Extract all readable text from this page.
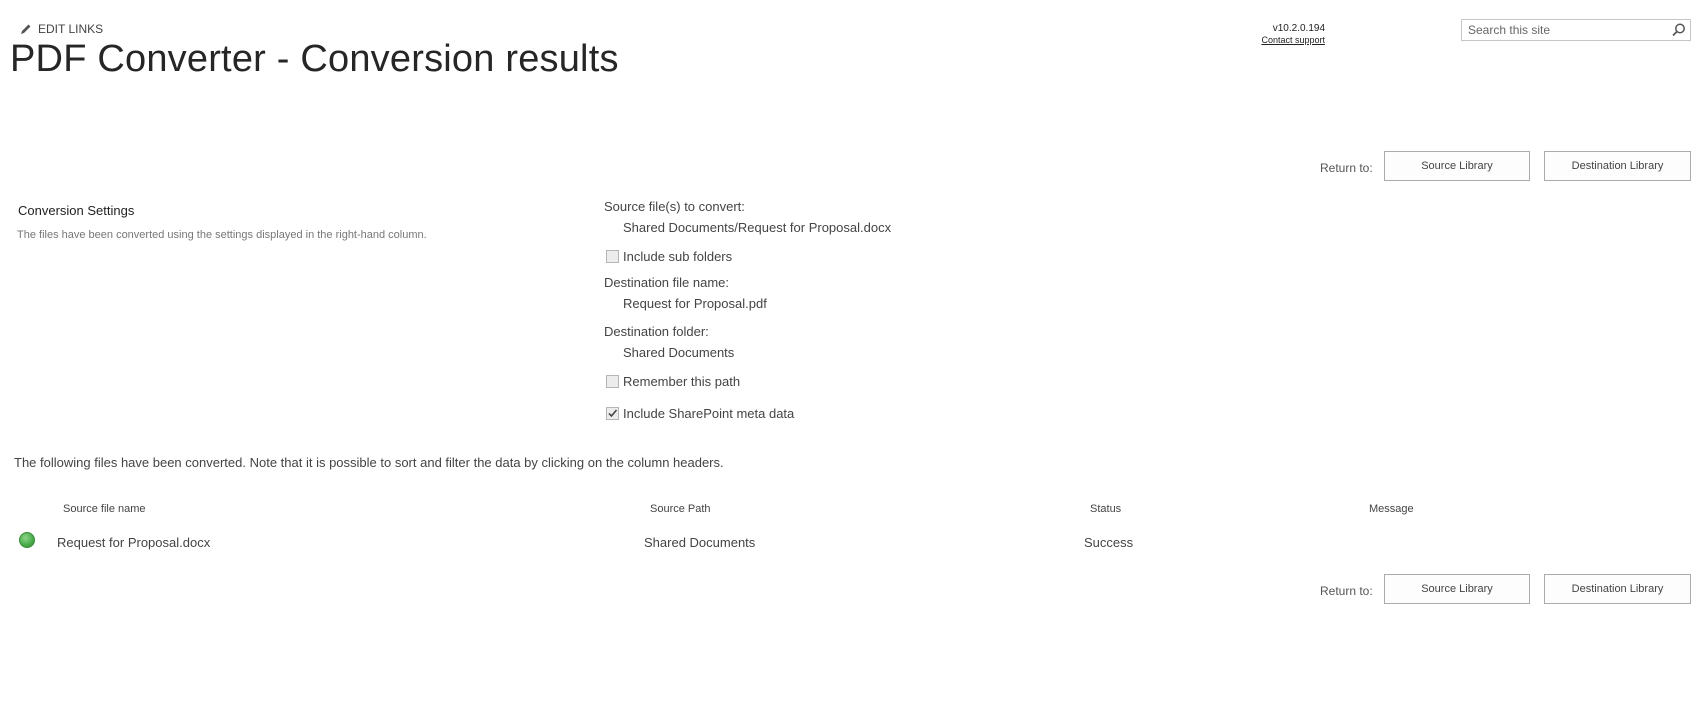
EDIT LINKS
PDF Converter - Conversion results
v10.2.0.194
Contact support
Search this site
Return to:	Source Library	Destination Library
Conversion Settings
The files have been converted using the settings displayed in the right-hand column.
Source file(s) to convert:
Shared Documents/Request for Proposal.docx
Include sub folders
Destination file name:
Request for Proposal.pdf
Destination folder:
Shared Documents
Remember this path
Include SharePoint meta data
The following files have been converted. Note that it is possible to sort and filter the data by clicking on the column headers.
Source file name	Source Path	Status	Message
Request for Proposal.docx	Shared Documents	Success
Return to:	Source Library	Destination Library
